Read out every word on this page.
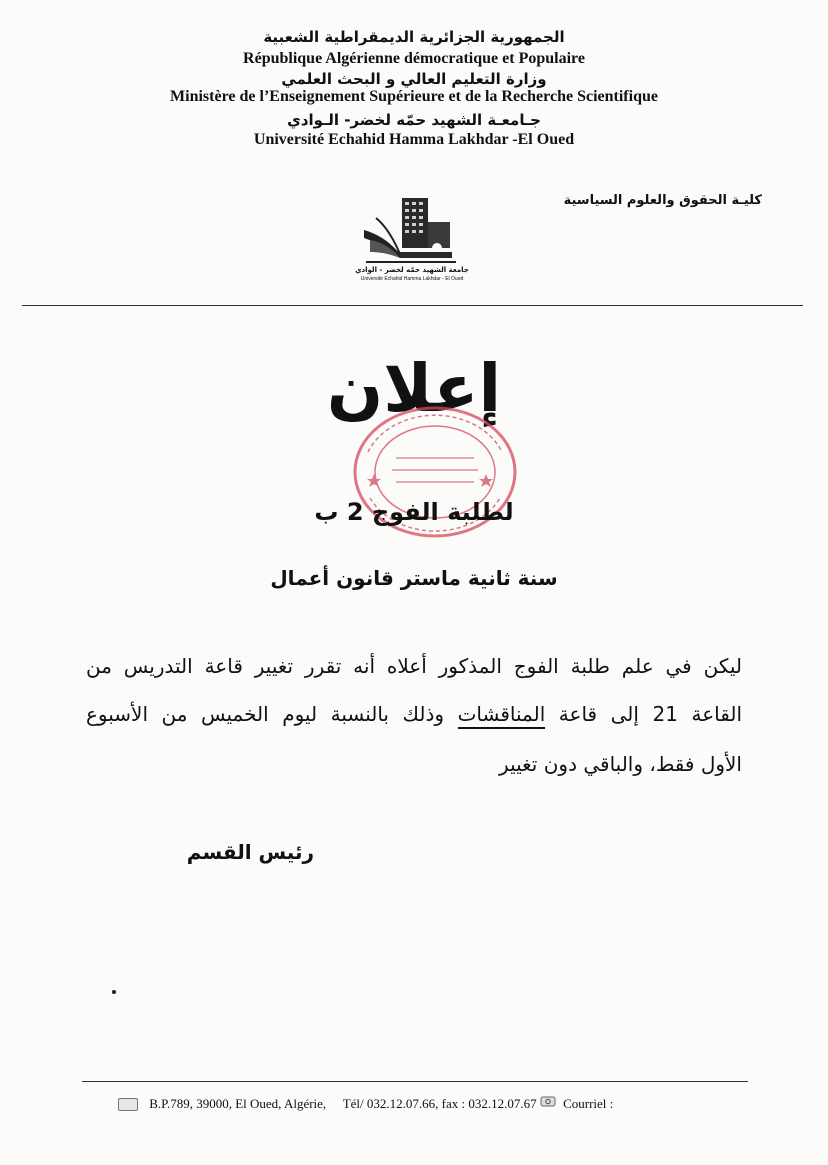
الجمهورية الجزائرية الديمقراطية الشعبية
République Algérienne démocratique et Populaire
وزارة التعليم العالي و البحث العلمي
Ministère de l’Enseignement Supérieure et de la Recherche Scientifique
جـامعـة الشهيد حمّه لخضر- الـوادي
Université Echahid Hamma Lakhdar -El Oued
كليـة الحقوق والعلوم السياسية
جامعة الشهيد حمّه لخضر - الوادي
Université Echahid Hamma Lakhdar - El Oued
إعلان
لطلبة الفوج 2 ب
سنة ثانية ماستر قانون أعمال
ليكن في علم طلبة الفوج المذكور أعلاه أنه تقرر تغيير قاعة التدريس من
القاعة 21 إلى قاعة المناقشات وذلك بالنسبة ليوم الخميس من الأسبوع
الأول فقط، والباقي دون تغيير
رئيس القسم
B.P.789, 39000, El Oued, Algérie, Tél/ 032.12.07.66, fax : 032.12.07.67 Courriel :
